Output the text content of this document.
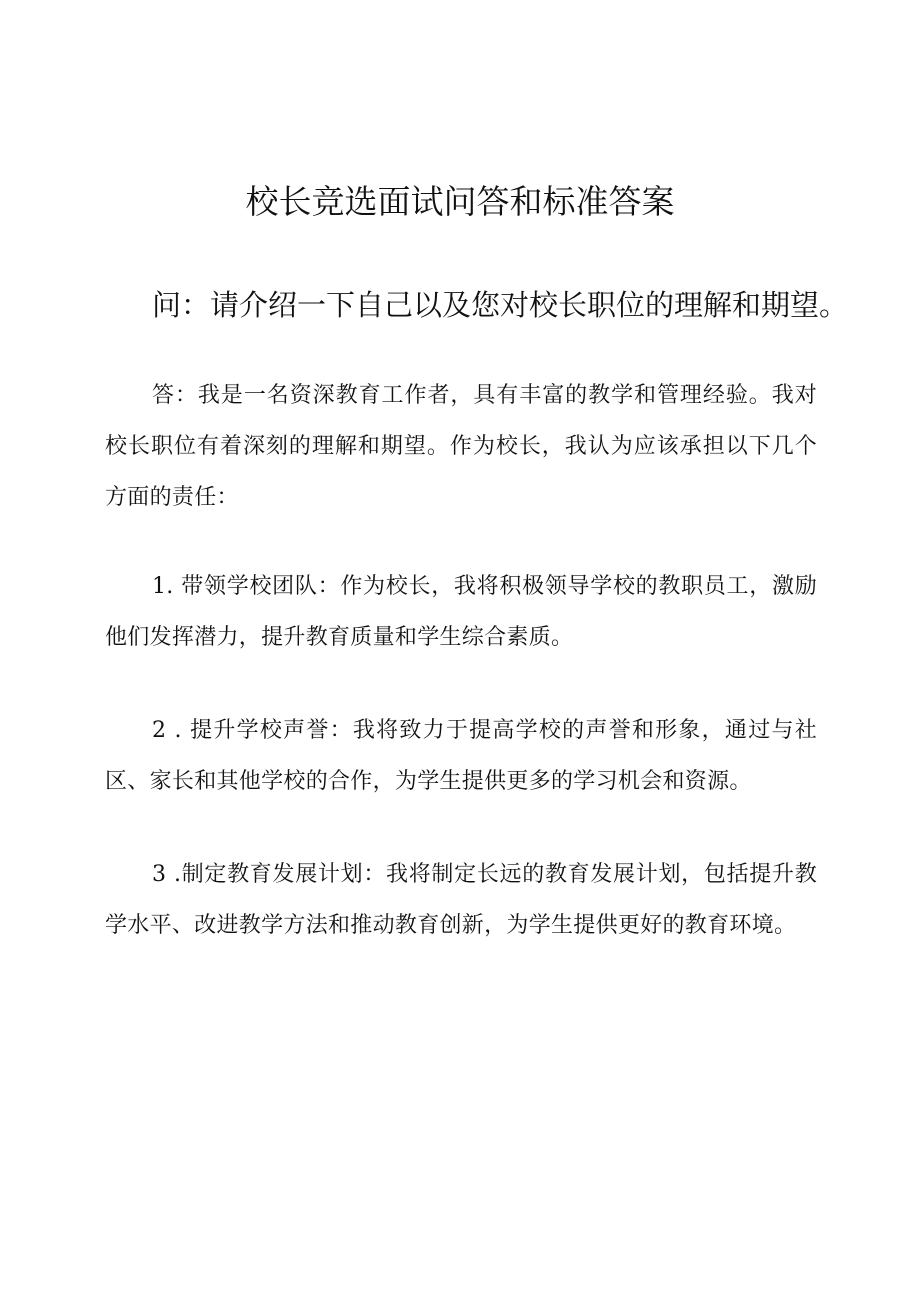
校长竞选面试问答和标准答案

问：请介绍一下自己以及您对校长职位的理解和期望。

答：我是一名资深教育工作者，具有丰富的教学和管理经验。我对校长职位有着深刻的理解和期望。作为校长，我认为应该承担以下几个方面的责任：

1. 带领学校团队：作为校长，我将积极领导学校的教职员工，激励他们发挥潜力，提升教育质量和学生综合素质。

2 . 提升学校声誉：我将致力于提高学校的声誉和形象，通过与社区、家长和其他学校的合作，为学生提供更多的学习机会和资源。

3 .制定教育发展计划：我将制定长远的教育发展计划，包括提升教学水平、改进教学方法和推动教育创新，为学生提供更好的教育环境。
